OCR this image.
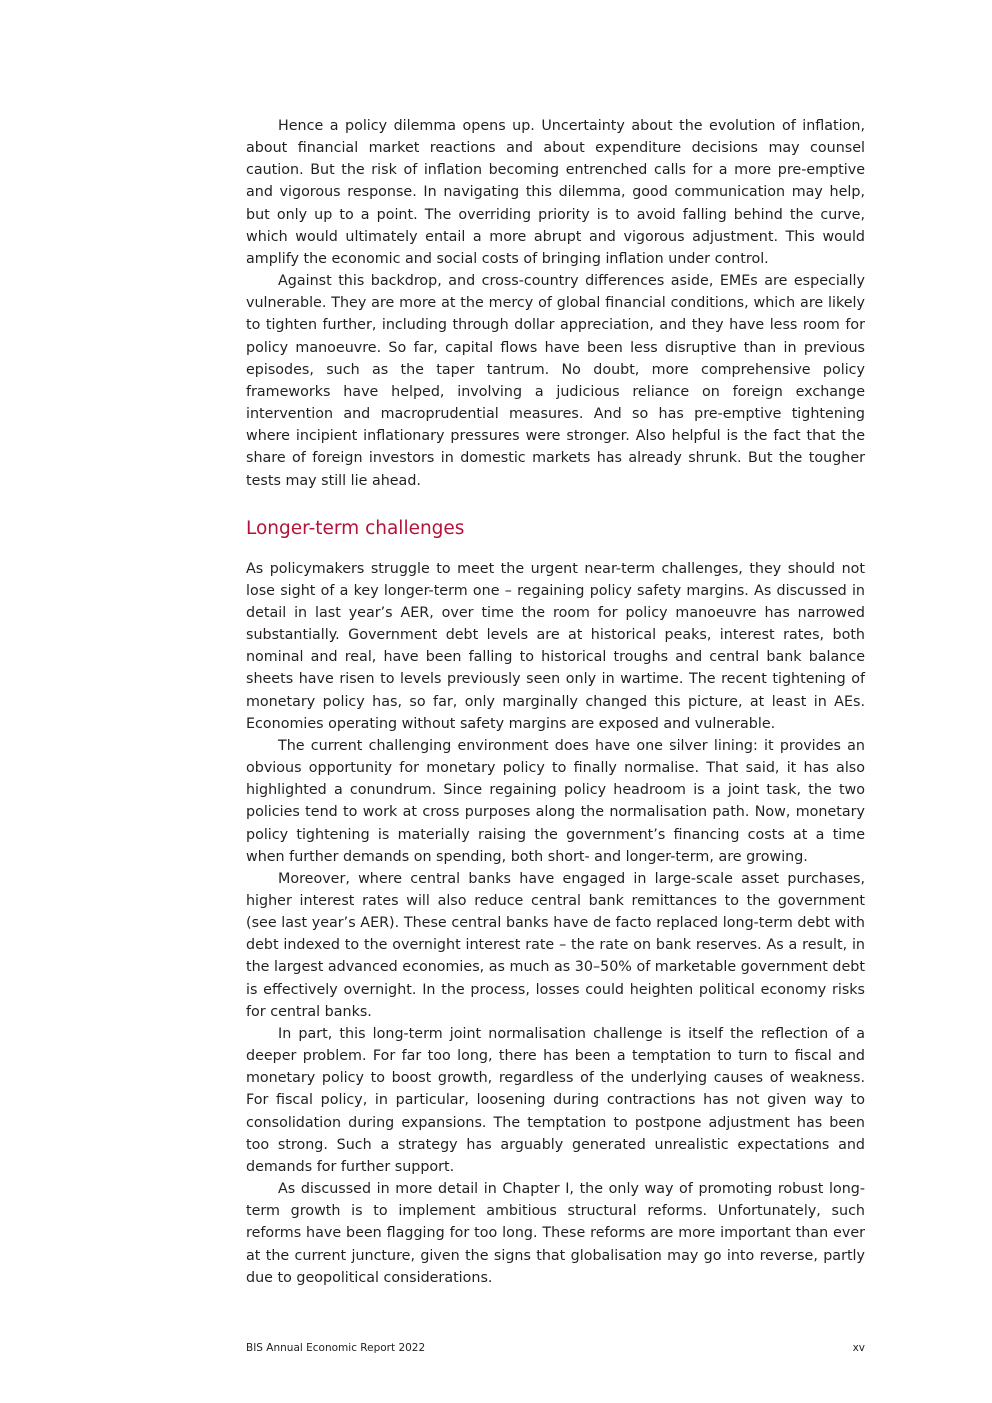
Hence a policy dilemma opens up. Uncertainty about the evolution of inflation, about financial market reactions and about expenditure decisions may counsel caution. But the risk of inflation becoming entrenched calls for a more pre-emptive and vigorous response. In navigating this dilemma, good communication may help, but only up to a point. The overriding priority is to avoid falling behind the curve, which would ultimately entail a more abrupt and vigorous adjustment. This would amplify the economic and social costs of bringing inflation under control.

Against this backdrop, and cross-country differences aside, EMEs are especially vulnerable. They are more at the mercy of global financial conditions, which are likely to tighten further, including through dollar appreciation, and they have less room for policy manoeuvre. So far, capital flows have been less disruptive than in previous episodes, such as the taper tantrum. No doubt, more comprehensive policy frameworks have helped, involving a judicious reliance on foreign exchange intervention and macroprudential measures. And so has pre-emptive tightening where incipient inflationary pressures were stronger. Also helpful is the fact that the share of foreign investors in domestic markets has already shrunk. But the tougher tests may still lie ahead.

Longer-term challenges

As policymakers struggle to meet the urgent near-term challenges, they should not lose sight of a key longer-term one – regaining policy safety margins. As discussed in detail in last year’s AER, over time the room for policy manoeuvre has narrowed substantially. Government debt levels are at historical peaks, interest rates, both nominal and real, have been falling to historical troughs and central bank balance sheets have risen to levels previously seen only in wartime. The recent tightening of monetary policy has, so far, only marginally changed this picture, at least in AEs. Economies operating without safety margins are exposed and vulnerable.

The current challenging environment does have one silver lining: it provides an obvious opportunity for monetary policy to finally normalise. That said, it has also highlighted a conundrum. Since regaining policy headroom is a joint task, the two policies tend to work at cross purposes along the normalisation path. Now, monetary policy tightening is materially raising the government’s financing costs at a time when further demands on spending, both short- and longer-term, are growing.

Moreover, where central banks have engaged in large-scale asset purchases, higher interest rates will also reduce central bank remittances to the government (see last year’s AER). These central banks have de facto replaced long-term debt with debt indexed to the overnight interest rate – the rate on bank reserves. As a result, in the largest advanced economies, as much as 30–50% of marketable government debt is effectively overnight. In the process, losses could heighten political economy risks for central banks.

In part, this long-term joint normalisation challenge is itself the reflection of a deeper problem. For far too long, there has been a temptation to turn to fiscal and monetary policy to boost growth, regardless of the underlying causes of weakness. For fiscal policy, in particular, loosening during contractions has not given way to consolidation during expansions. The temptation to postpone adjustment has been too strong. Such a strategy has arguably generated unrealistic expectations and demands for further support.

As discussed in more detail in Chapter I, the only way of promoting robust long-term growth is to implement ambitious structural reforms. Unfortunately, such reforms have been flagging for too long. These reforms are more important than ever at the current juncture, given the signs that globalisation may go into reverse, partly due to geopolitical considerations.

BIS Annual Economic Report 2022	xv
